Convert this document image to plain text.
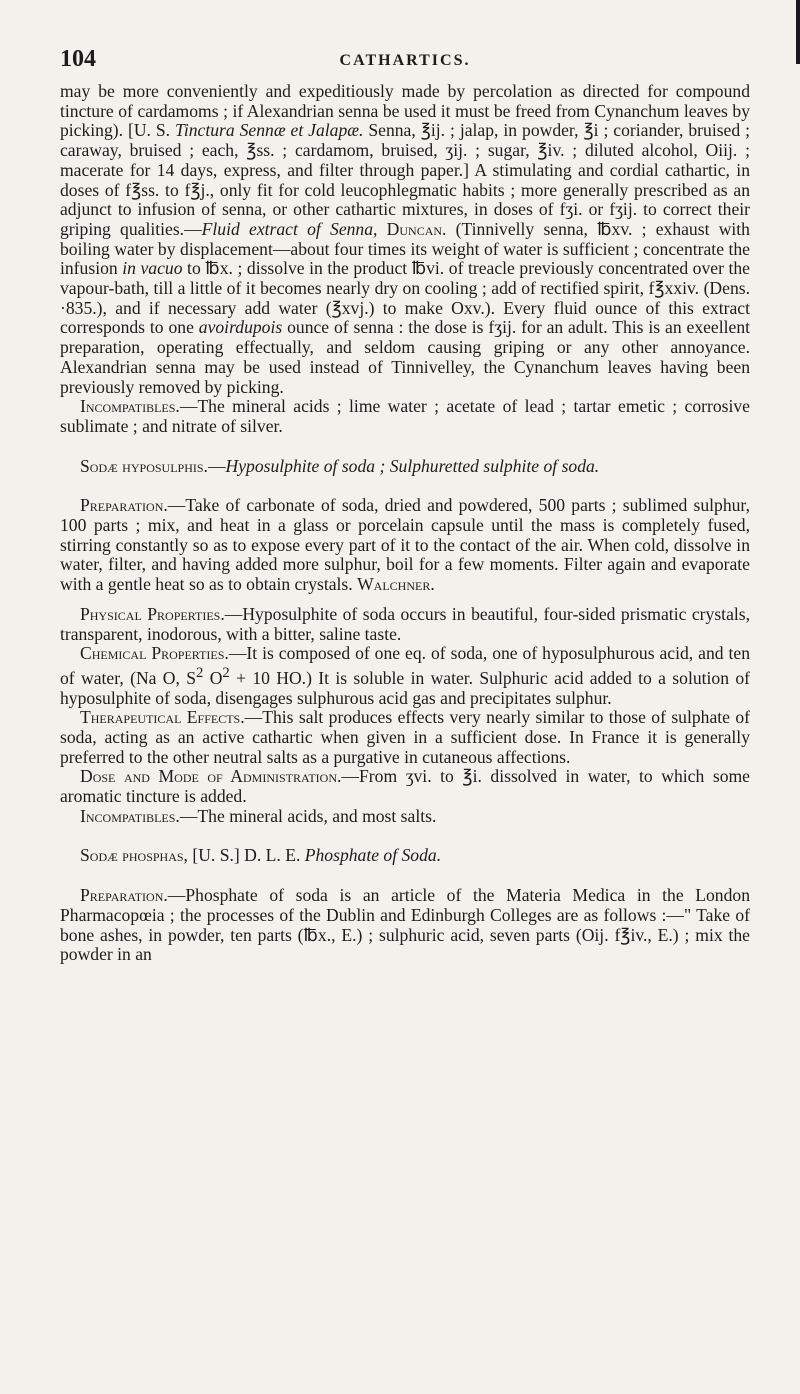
104	CATHARTICS.

may be more conveniently and expeditiously made by percolation as directed for compound tincture of cardamoms ; if Alexandrian senna be used it must be freed from Cynanchum leaves by picking). [U. S. Tinctura Sennæ et Jalapæ. Senna, ℥ij. ; jalap, in powder, ℥i ; coriander, bruised ; caraway, bruised ; each, ℥ss. ; cardamom, bruised, ʒij. ; sugar, ℥iv. ; diluted alcohol, Oiij. ; macerate for 14 days, express, and filter through paper.] A stimulating and cordial cathartic, in doses of f℥ss. to f℥j., only fit for cold leucophlegmatic habits ; more generally prescribed as an adjunct to infusion of senna, or other cathartic mixtures, in doses of fʒi. or fʒij. to correct their griping qualities.—Fluid extract of Senna, Duncan. (Tinnivelly senna, ℔xv. ; exhaust with boiling water by displacement—about four times its weight of water is sufficient ; concentrate the infusion in vacuo to ℔x. ; dissolve in the product ℔vi. of treacle previously concentrated over the vapour-bath, till a little of it becomes nearly dry on cooling ; add of rectified spirit, f℥xxiv. (Dens. ·835.), and if necessary add water (℥xvj.) to make Oxv.). Every fluid ounce of this extract corresponds to one avoirdupois ounce of senna : the dose is fʒij. for an adult. This is an exeellent preparation, operating effectually, and seldom causing griping or any other annoyance. Alexandrian senna may be used instead of Tinnivelley, the Cynanchum leaves having been previously removed by picking.

Incompatibles.—The mineral acids ; lime water ; acetate of lead ; tartar emetic ; corrosive sublimate ; and nitrate of silver.

Sodæ hyposulphis.—Hyposulphite of soda ; Sulphuretted sulphite of soda.

Preparation.—Take of carbonate of soda, dried and powdered, 500 parts ; sublimed sulphur, 100 parts ; mix, and heat in a glass or porcelain capsule until the mass is completely fused, stirring constantly so as to expose every part of it to the contact of the air. When cold, dissolve in water, filter, and having added more sulphur, boil for a few moments. Filter again and evaporate with a gentle heat so as to obtain crystals. Walchner.

Physical Properties.—Hyposulphite of soda occurs in beautiful, four-sided prismatic crystals, transparent, inodorous, with a bitter, saline taste.

Chemical Properties.—It is composed of one eq. of soda, one of hyposulphurous acid, and ten of water, (Na O, $S^2$ $O^2 + 10$ HO.) It is soluble in water. Sulphuric acid added to a solution of hyposulphite of soda, disengages sulphurous acid gas and precipitates sulphur.

Therapeutical Effects.—This salt produces effects very nearly similar to those of sulphate of soda, acting as an active cathartic when given in a sufficient dose. In France it is generally preferred to the other neutral salts as a purgative in cutaneous affections.

Dose and Mode of Administration.—From ʒvi. to ℥i. dissolved in water, to which some aromatic tincture is added.

Incompatibles.—The mineral acids, and most salts.

Sodæ phosphas, [U. S.] D. L. E. Phosphate of Soda.

Preparation.—Phosphate of soda is an article of the Materia Medica in the London Pharmacopœia ; the processes of the Dublin and Edinburgh Colleges are as follows :—" Take of bone ashes, in powder, ten parts (℔x., E.) ; sulphuric acid, seven parts (Oij. f℥iv., E.) ; mix the powder in an
